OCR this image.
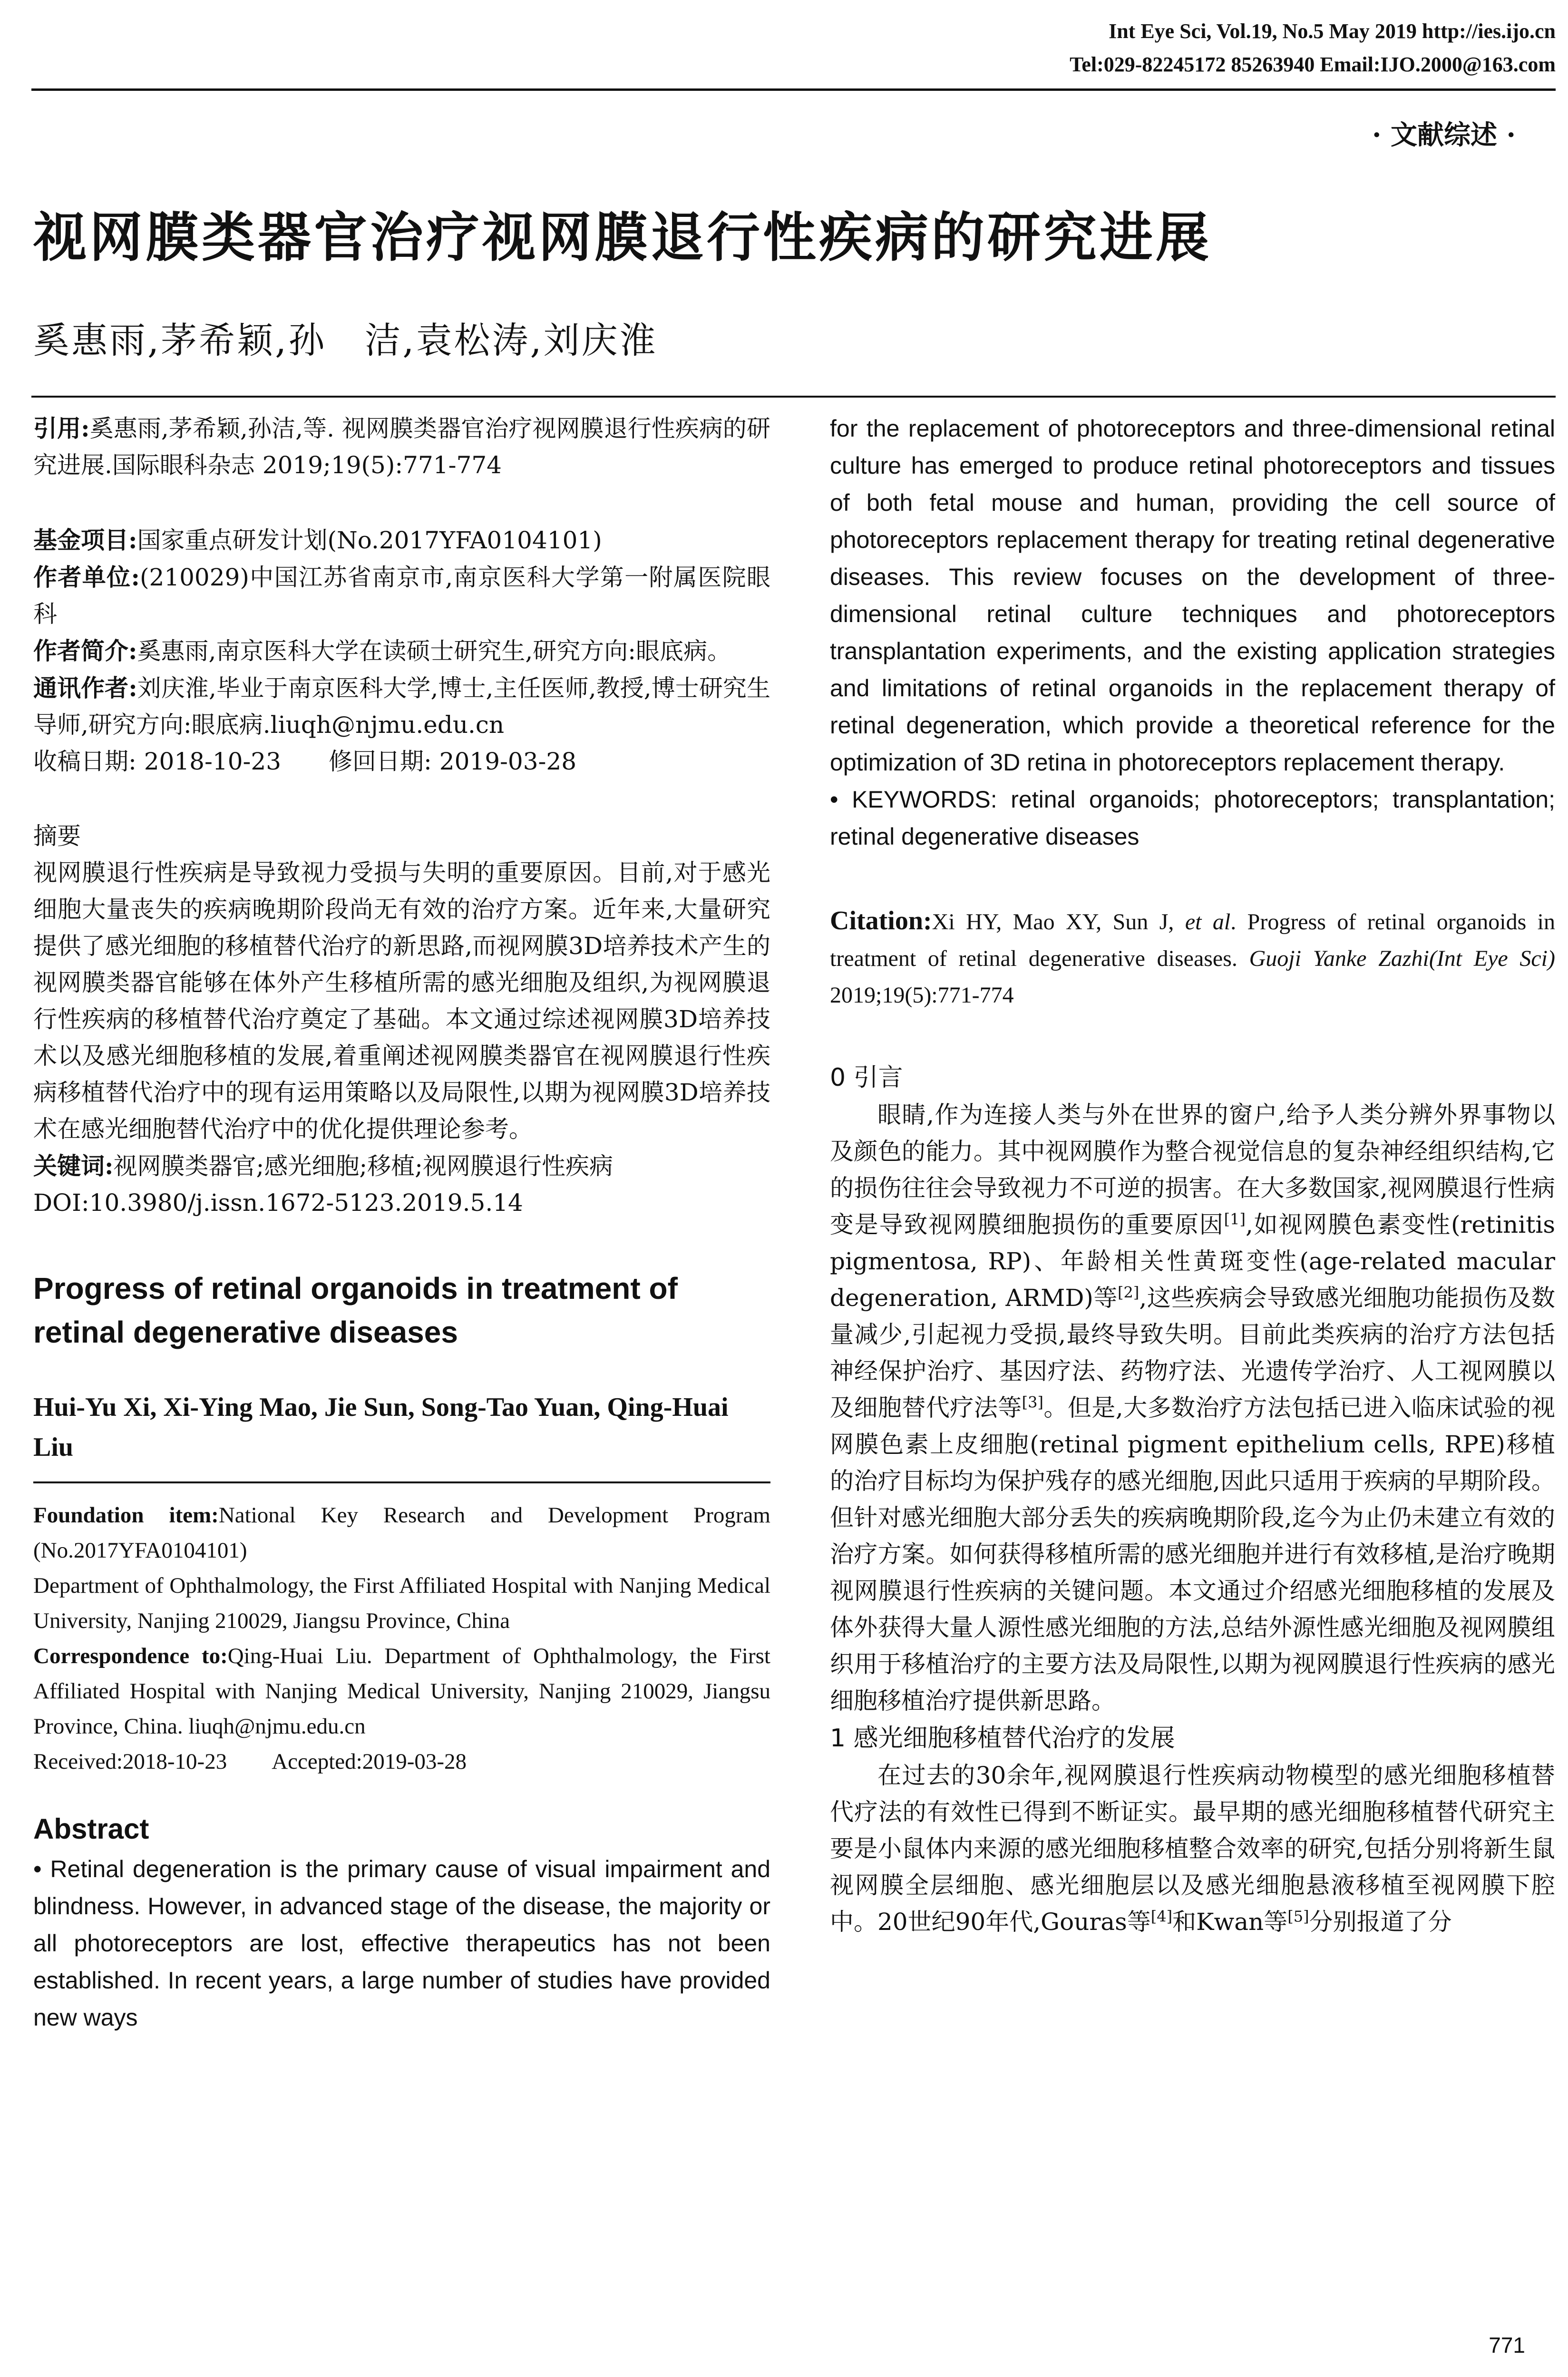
Int Eye Sci, Vol.19, No.5 May 2019 http://ies.ijo.cn
Tel:029-82245172 85263940 Email:IJO.2000@163.com
· 文献综述 ·
视网膜类器官治疗视网膜退行性疾病的研究进展
奚惠雨,茅希颖,孙　洁,袁松涛,刘庆淮
引用:奚惠雨,茅希颖,孙洁,等. 视网膜类器官治疗视网膜退行性疾病的研究进展.国际眼科杂志 2019;19(5):771-774
基金项目:国家重点研发计划(No.2017YFA0104101)
作者单位:(210029)中国江苏省南京市,南京医科大学第一附属医院眼科
作者简介:奚惠雨,南京医科大学在读硕士研究生,研究方向:眼底病。
通讯作者:刘庆淮,毕业于南京医科大学,博士,主任医师,教授,博士研究生导师,研究方向:眼底病.liuqh@njmu.edu.cn
收稿日期: 2018-10-23　　修回日期: 2019-03-28
摘要
视网膜退行性疾病是导致视力受损与失明的重要原因。目前,对于感光细胞大量丧失的疾病晚期阶段尚无有效的治疗方案。近年来,大量研究提供了感光细胞的移植替代治疗的新思路,而视网膜3D培养技术产生的视网膜类器官能够在体外产生移植所需的感光细胞及组织,为视网膜退行性疾病的移植替代治疗奠定了基础。本文通过综述视网膜3D培养技术以及感光细胞移植的发展,着重阐述视网膜类器官在视网膜退行性疾病移植替代治疗中的现有运用策略以及局限性,以期为视网膜3D培养技术在感光细胞替代治疗中的优化提供理论参考。
关键词:视网膜类器官;感光细胞;移植;视网膜退行性疾病
DOI:10.3980/j.issn.1672-5123.2019.5.14
Progress of retinal organoids in treatment of retinal degenerative diseases
Hui-Yu Xi, Xi-Ying Mao, Jie Sun, Song-Tao Yuan, Qing-Huai Liu
Foundation item:National Key Research and Development Program (No.2017YFA0104101)
Department of Ophthalmology, the First Affiliated Hospital with Nanjing Medical University, Nanjing 210029, Jiangsu Province, China
Correspondence to:Qing-Huai Liu. Department of Ophthalmology, the First Affiliated Hospital with Nanjing Medical University, Nanjing 210029, Jiangsu Province, China. liuqh@njmu.edu.cn
Received:2018-10-23　　Accepted:2019-03-28
Abstract
• Retinal degeneration is the primary cause of visual impairment and blindness. However, in advanced stage of the disease, the majority or all photoreceptors are lost, effective therapeutics has not been established. In recent years, a large number of studies have provided new ways
for the replacement of photoreceptors and three-dimensional retinal culture has emerged to produce retinal photoreceptors and tissues of both fetal mouse and human, providing the cell source of photoreceptors replacement therapy for treating retinal degenerative diseases. This review focuses on the development of three-dimensional retinal culture techniques and photoreceptors transplantation experiments, and the existing application strategies and limitations of retinal organoids in the replacement therapy of retinal degeneration, which provide a theoretical reference for the optimization of 3D retina in photoreceptors replacement therapy.
• KEYWORDS: retinal organoids; photoreceptors; transplantation; retinal degenerative diseases
Citation:Xi HY, Mao XY, Sun J, et al. Progress of retinal organoids in treatment of retinal degenerative diseases. Guoji Yanke Zazhi(Int Eye Sci) 2019;19(5):771-774
0 引言
眼睛,作为连接人类与外在世界的窗户,给予人类分辨外界事物以及颜色的能力。其中视网膜作为整合视觉信息的复杂神经组织结构,它的损伤往往会导致视力不可逆的损害。在大多数国家,视网膜退行性病变是导致视网膜细胞损伤的重要原因[1],如视网膜色素变性(retinitis pigmentosa, RP)、年龄相关性黄斑变性(age-related macular degeneration, ARMD)等[2],这些疾病会导致感光细胞功能损伤及数量减少,引起视力受损,最终导致失明。目前此类疾病的治疗方法包括神经保护治疗、基因疗法、药物疗法、光遗传学治疗、人工视网膜以及细胞替代疗法等[3]。但是,大多数治疗方法包括已进入临床试验的视网膜色素上皮细胞(retinal pigment epithelium cells, RPE)移植的治疗目标均为保护残存的感光细胞,因此只适用于疾病的早期阶段。但针对感光细胞大部分丢失的疾病晚期阶段,迄今为止仍未建立有效的治疗方案。如何获得移植所需的感光细胞并进行有效移植,是治疗晚期视网膜退行性疾病的关键问题。本文通过介绍感光细胞移植的发展及体外获得大量人源性感光细胞的方法,总结外源性感光细胞及视网膜组织用于移植治疗的主要方法及局限性,以期为视网膜退行性疾病的感光细胞移植治疗提供新思路。
1 感光细胞移植替代治疗的发展
在过去的30余年,视网膜退行性疾病动物模型的感光细胞移植替代疗法的有效性已得到不断证实。最早期的感光细胞移植替代研究主要是小鼠体内来源的感光细胞移植整合效率的研究,包括分别将新生鼠视网膜全层细胞、感光细胞层以及感光细胞悬液移植至视网膜下腔中。20世纪90年代,Gouras等[4]和Kwan等[5]分别报道了分
771
